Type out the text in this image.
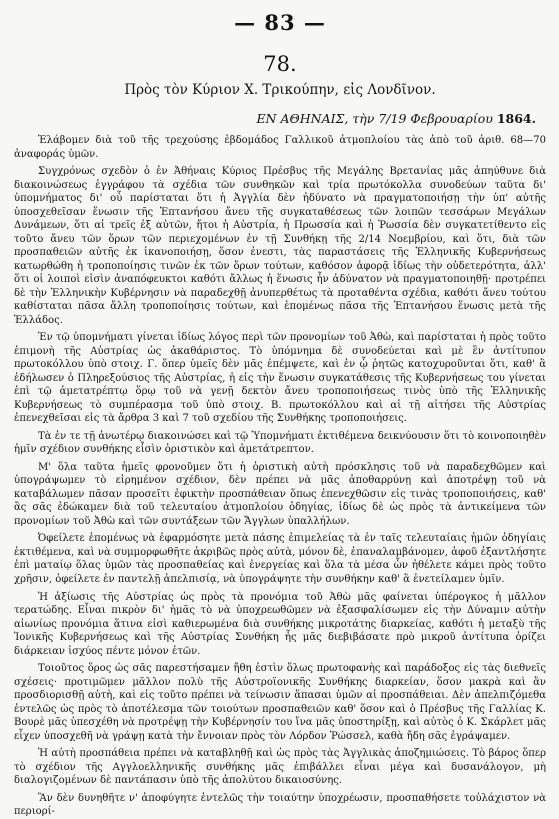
— 83 —
78.
Πρὸς τὸν Κύριον Χ. Τρικούπην, εἰς Λονδῖνον.
ΕΝ ΑΘΗΝΑΙΣ, τὴν 7/19 Φεβρουαρίου 1864.

Ἐλάβομεν διὰ τοῦ τῆς τρεχούσης ἑβδομάδος Γαλλικοῦ ἀτμοπλοίου τὰς ἀπὸ τοῦ ἀριθ. 68—70 ἀναφοράς ὑμῶν.

Συγχρόνως σχεδὸν ὁ ἐν Ἀθήναις Κύριος Πρέσβυς τῆς Μεγάλης Βρετανίας μᾶς ἀπηύθυνε διὰ διακοινώσεως ἐγγράφου τὰ σχέδια τῶν συνθηκῶν καὶ τρία πρωτόκολλα συνοδεύων ταῦτα δι' ὑπομνήματος δι' οὗ παρίσταται ὅτι ἡ Ἀγγλία δὲν ἠδύνατο νὰ πραγματοποιήσῃ τὴν ὑπ' αὐτῆς ὑποσχεθεῖσαν ἕνωσιν τῆς Ἑπτανήσου ἄνευ τῆς συγκαταθέσεως τῶν λοιπῶν τεσσάρων Μεγάλων Δυνάμεων, ὅτι αἱ τρεῖς ἐξ αὐτῶν, ἤτοι ἡ Αὐστρία, ἡ Πρωσσία καὶ ἡ Ῥωσσία δὲν συγκατετίθεντο εἰς τοῦτο ἄνευ τῶν ὅρων τῶν περιεχομένων ἐν τῇ Συνθήκῃ τῆς 2/14 Νοεμβρίου, καὶ ὅτι, διὰ τῶν προσπαθειῶν αὐτῆς ἐκ ἱκανοποιήσῃ, ὅσον ἐνεστι, τὰς παραστάσεις τῆς Ἑλληνικῆς Κυβερνήσεως κατωρθώθη ἡ τροποποίησις τινῶν ἐκ τῶν ὅρων τούτων, καθόσον ἀφορᾷ ἰδίως τὴν οὐδετερότητα, ἀλλ' ὅτι οἱ λοιποὶ εἰσὶν ἀναπόφευκτοι καθότι ἄλλως ἡ ἕνωσις ἦν ἀδύνατον νὰ πραγματοποιηθῇ· προτρέπει δὲ τὴν Ἑλληνικὴν Κυβέρνησιν νὰ παραδεχθῇ ἀνυπερθέτως τὰ προταθέντα σχέδια, καθότι ἄνευ τούτου καθίσταται πᾶσα ἄλλη τροποποίησις τούτων, καὶ ἑπομένως πᾶσα τῆς Ἑπτανήσου ἕνωσις μετὰ τῆς Ἑλλάδος.

Ἐν τῷ ὑπομνήματι γίνεται ἰδίως λόγος περὶ τῶν προνομίων τοῦ Ἀθὼ, καὶ παρίσταται ἡ πρὸς τοῦτο ἐπιμονὴ τῆς Αὐστρίας ὡς ἀκαθάριστος. Τὸ ὑπόμνημα δὲ συνοδεύεται καὶ μὲ ἓν ἀντίτυπον πρωτοκόλλου ὑπὸ στοιχ. Γ. ὅπερ ὑμεῖς δὲν μᾶς ἐπέμψετε, καὶ ἐν ᾧ ῥητῶς κατοχυροῦνται ὅτι, καθ' ἃ ἐδήλωσεν ὁ Πληρεξούσιος τῆς Αὐστρίας, ἡ εἰς τὴν ἕνωσιν συγκατάθεσις τῆς Κυβερνήσεως του γίνεται ἐπὶ τῷ ἀμετατρέπτῳ ὅρῳ τοῦ νὰ γενῇ δεκτὸν ἄνευ τροποποιήσεως τινὸς ὑπὸ τῆς Ἑλληνικῆς Κυβερνήσεως τὸ συμπέρασμα τοῦ ὑπὸ στοιχ. Β. πρωτοκόλλου καὶ αἱ τῇ αἰτήσει τῆς Αὐστρίας ἐπενεχθεῖσαι εἰς τὰ ἄρθρα 3 καὶ 7 τοῦ σχεδίου τῆς Συνθήκης τροποποιήσεις.

Τὰ ἐν τε τῇ ἀνωτέρῳ διακοινώσει καὶ τῷ Ὑπομνήματι ἐκτιθέμενα δεικνύουσιν ὅτι τὸ κοινοποιηθὲν ἡμῖν σχέδιον συνθήκης εἶσὶν ὁριστικὸν καὶ ἀμετάτρεπτον.

Μ' ὅλα ταῦτα ἡμεῖς φρονοῦμεν ὅτι ἡ ὁριστικὴ αὐτὴ πρόσκλησις τοῦ νὰ παραδεχθῶμεν καὶ ὑπογράψωμεν τὸ εἰρημένον σχέδιον, δὲν πρέπει νὰ μᾶς ἀποθαρρύνῃ καὶ ἀποτρέψῃ τοῦ νὰ καταβάλωμεν πᾶσαν προσεῖτι ἐφικτὴν προσπάθειαν ὅπως ἐπενεχθῶσιν εἰς τινὰς τροποποιήσεις, καθ' ἃς σᾶς ἐδώκαμεν διὰ τοῦ τελευταίου ἀτμοπλοίου ὁδηγίας, ἰδίως δὲ ὡς πρὸς τὰ ἀντικείμενα τῶν προνομίων τοῦ Ἀθὼ καὶ τῶν συντάξεων τῶν Ἄγγλων ὑπαλλήλων.

Ὀφείλετε ἑπομένως νὰ ἐφαρμόσητε μετὰ πάσης ἐπιμελείας τὰ ἐν ταῖς τελευταίαις ἡμῶν ὁδηγίαις ἐκτιθέμενα, καὶ νὰ συμμορφωθῆτε ἀκριβῶς πρὸς αὐτὰ, μόνον δὲ, ἐπαναλαμβάνομεν, ἀφοῦ ἐξαντλήσητε ἐπὶ ματαίῳ ὅλας ὑμῶν τὰς προσπαθείας καὶ ἐνεργείας καὶ ὅλα τὰ μέσα ὧν ἠθέλετε κάμει πρὸς τοῦτο χρῆσιν, ὀφείλετε ἐν παντελῇ ἀπελπισίᾳ, νὰ ὑπογράψητε τὴν συνθήκην καθ' ἃ ἐνετείλαμεν ὑμῖν.

Ἡ ἀξίωσις τῆς Αὐστρίας ὡς πρὸς τὰ προνόμια τοῦ Ἀθὼ μᾶς φαίνεται ὑπέρογκος ἡ μᾶλλον τερατώδης. Εἶναι πικρὸν δι' ἡμᾶς τὸ νὰ ὑποχρεωθῶμεν νὰ ἐξασφαλίσωμεν εἰς τὴν Δύναμιν αὐτὴν αἰωνίως προνόμια ἅτινα εἰσὶ καθιερωμένα διὰ συνθήκης μικροτάτης διαρκείας, καθότι ἡ μεταξὺ τῆς Ἰονικῆς Κυβερνήσεως καὶ τῆς Αὐστρίας Συνθήκη ἧς μᾶς διεβιβάσατε πρὸ μικροῦ ἀντίτυπα ὁρίζει διάρκειαν ἰσχύος πέντε μόνον ἐτῶν.

Τοιοῦτος ὅρος ὡς σᾶς παρεστήσαμεν ἤθη ἐστὶν ὅλως πρωτοφανὴς καὶ παράδοξος εἰς τὰς διεθνεῖς σχέσεις· προτιμῶμεν μᾶλλον πολὺ τῆς Αὐστροϊονικῆς Συνθήκης διαρκείαν, ὅσον μακρὰ καὶ ἂν προσδιορισθῇ αὐτὴ, καὶ εἰς τοῦτο πρέπει νὰ τείνωσιν ἅπασαι ὑμῶν αἱ προσπάθειαι. Δὲν ἀπελπιζόμεθα ἐντελῶς ὡς πρὸς τὸ ἀποτέλεσμα τῶν τοιούτων προσπαθειῶν καθ' ὅσον καὶ ὁ Πρέσβυς τῆς Γαλλίας Κ. Βουρὲ μᾶς ὑπεσχέθη νὰ προτρέψῃ τὴν Κυβέρνησίν του ἵνα μᾶς ὑποστηρίξῃ, καὶ αὐτὸς ὁ Κ. Σκάρλετ μᾶς εἶχεν ὑποσχεθῆ νὰ γράψῃ κατὰ τὴν ἔννοιαν πρὸς τὸν Λόρδον Ῥώσσελ, καθὰ ἤδη σᾶς ἐγράψαμεν.

Ἡ αὐτὴ προσπάθεια πρέπει νὰ καταβληθῇ καὶ ὡς πρὸς τὰς Ἀγγλικὰς ἀποζημιώσεις. Τὸ βάρος ὅπερ τὸ σχέδιον τῆς Αγγλοελληνικῆς συνθήκης μᾶς ἐπιβάλλει εἶναι μέγα καὶ δυσανάλογον, μὴ διαλογιζομένων δὲ παντάπασιν ὑπὸ τῆς ἀπολύτου δικαιοσύνης.

Ἂν δὲν δυνηθῆτε ν' ἀποφύγητε ἐντελῶς τὴν τοιαύτην ὑποχρέωσιν, προσπαθήσετε τοὐλάχιστον νὰ περιορί-
